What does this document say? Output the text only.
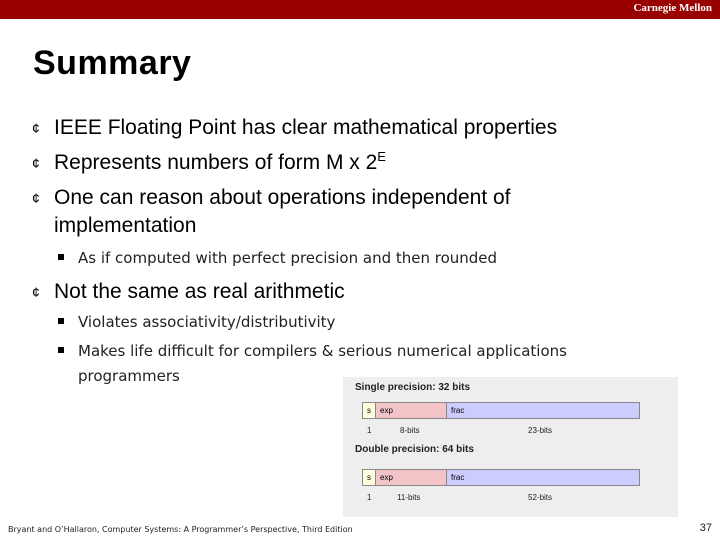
Carnegie Mellon
Summary
¢ IEEE Floating Point has clear mathematical properties
¢ Represents numbers of form M x $2^E$
¢ One can reason about operations independent of
implementation
As if computed with perfect precision and then rounded
¢ Not the same as real arithmetic
Violates associativity/distributivity
Makes life difficult for compilers & serious numerical applications
programmers
Single precision: 32 bits
s	exp	frac
1	8-bits	23-bits
Double precision: 64 bits
s	exp	frac
1	11-bits	52-bits
Bryant and O’Hallaron, Computer Systems: A Programmer’s Perspective, Third Edition	37
